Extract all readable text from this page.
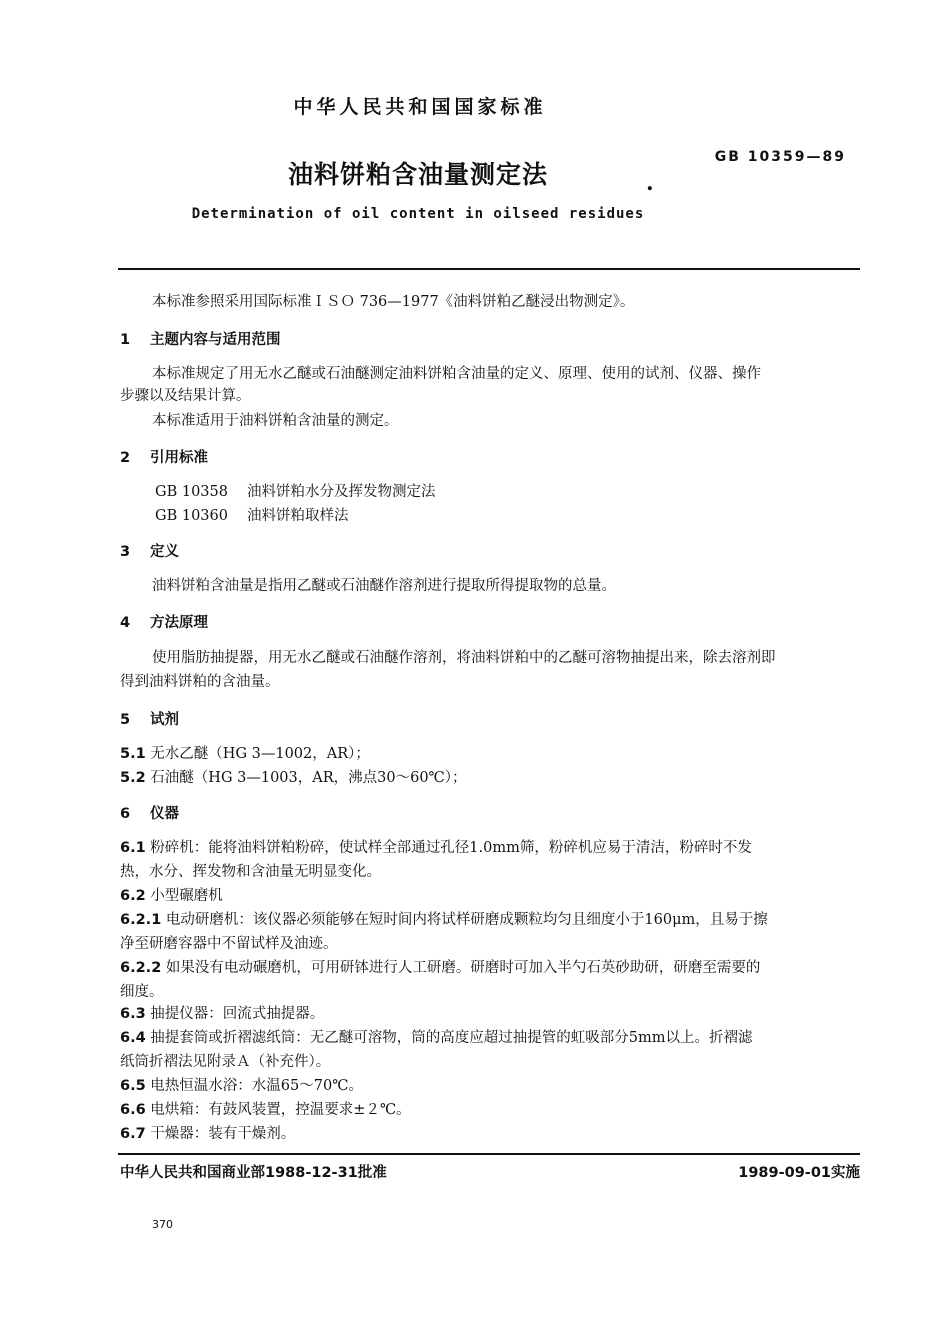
中华人民共和国国家标准
GB 10359—89
油料饼粕含油量测定法	.
Determination of oil content in oilseed residues
本标准参照采用国际标准ＩＳＯ 736—1977《油料饼粕乙醚浸出物测定》。
1 主题内容与适用范围
本标准规定了用无水乙醚或石油醚测定油料饼粕含油量的定义、原理、使用的试剂、仪器、操作
步骤以及结果计算。
本标准适用于油料饼粕含油量的测定。
2 引用标准
GB 10358 油料饼粕水分及挥发物测定法
GB 10360 油料饼粕取样法
3 定义
油料饼粕含油量是指用乙醚或石油醚作溶剂进行提取所得提取物的总量。
4 方法原理
使用脂肪抽提器，用无水乙醚或石油醚作溶剂，将油料饼粕中的乙醚可溶物抽提出来，除去溶剂即
得到油料饼粕的含油量。
5 试剂
5.1 无水乙醚（HG 3—1002，AR）；
5.2 石油醚（HG 3—1003，AR，沸点30～60℃）；
6 仪器
6.1 粉碎机：能将油料饼粕粉碎，使试样全部通过孔径1.0mm筛，粉碎机应易于清洁，粉碎时不发
热，水分、挥发物和含油量无明显变化。
6.2 小型碾磨机
6.2.1 电动研磨机：该仪器必须能够在短时间内将试样研磨成颗粒均匀且细度小于160μm，且易于擦
净至研磨容器中不留试样及油迹。
6.2.2 如果没有电动碾磨机，可用研钵进行人工研磨。研磨时可加入半勺石英砂助研，研磨至需要的
细度。
6.3 抽提仪器：回流式抽提器。
6.4 抽提套筒或折褶滤纸筒：无乙醚可溶物，筒的高度应超过抽提管的虹吸部分5mm以上。折褶滤
纸筒折褶法见附录Ａ（补充件）。
6.5 电热恒温水浴：水温65～70℃。
6.6 电烘箱：有鼓风装置，控温要求±２℃。
6.7 干燥器：装有干燥剂。
中华人民共和国商业部1988-12-31批准	1989-09-01实施
370
